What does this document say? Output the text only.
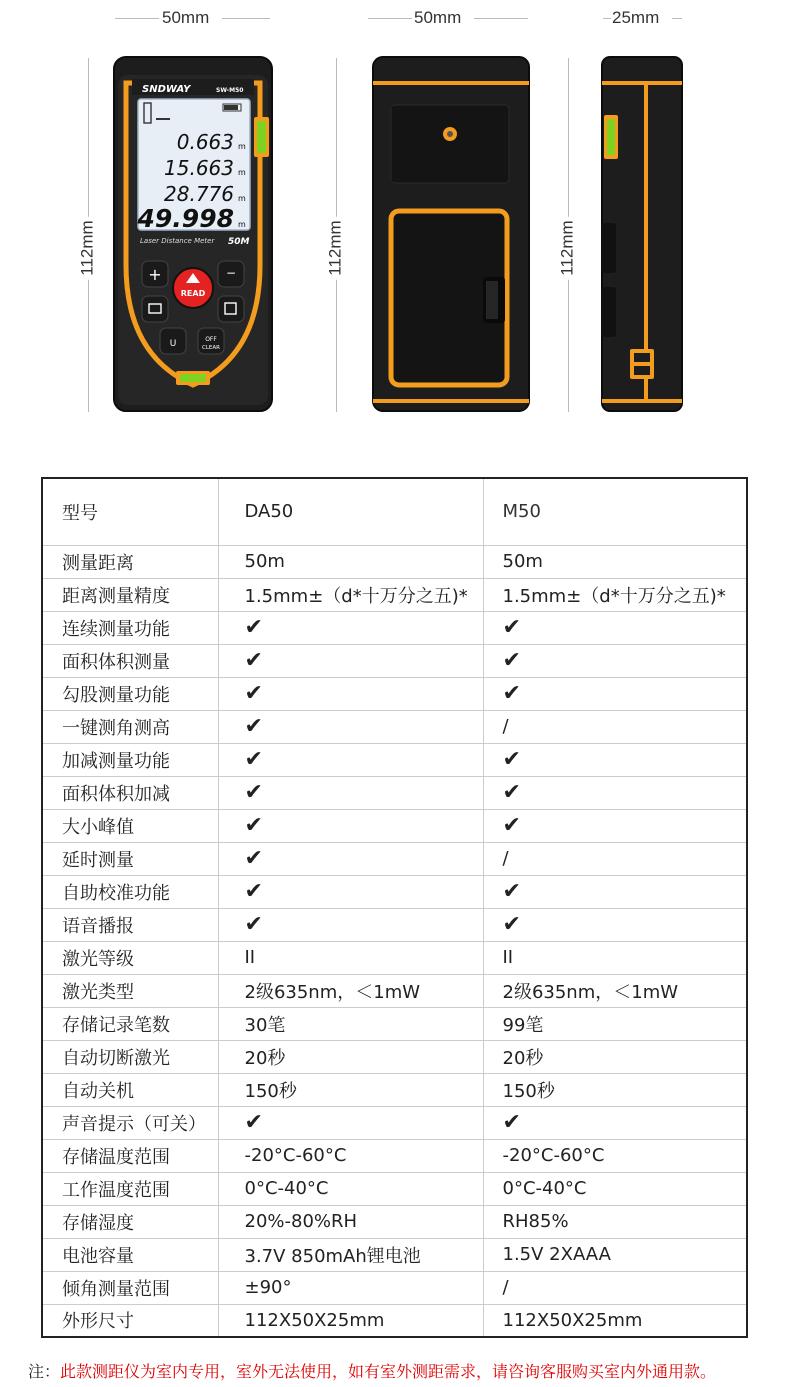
50mm	50mm	25mm
112mm	112mm	112mm
SNDWAY	SW-M50
0.663
15.663
28.776
49.998
m
m
m
m
Laser Distance Meter 50M
+	−
READ
U	OFF
CLEAR
型号	DA50	M50
测量距离	50m	50m
距离测量精度	1.5mm±（d*十万分之五)*	1.5mm±（d*十万分之五)*
连续测量功能	✔	✔
面积体积测量	✔	✔
勾股测量功能	✔	✔
一键测角测高	✔	/
加减测量功能	✔	✔
面积体积加减	✔	✔
大小峰值	✔	✔
延时测量	✔	/
自助校准功能	✔	✔
语音播报	✔	✔
激光等级	II	II
激光类型	2级635nm，＜1mW	2级635nm，＜1mW
存储记录笔数	30笔	99笔
自动切断激光	20秒	20秒
自动关机	150秒	150秒
声音提示（可关）	✔	✔
存储温度范围	-20°C-60°C	-20°C-60°C
工作温度范围	0°C-40°C	0°C-40°C
存储湿度	20%-80%RH	RH85%
电池容量	3.7V 850mAh锂电池	1.5V 2XAAA
倾角测量范围	±90°	/
外形尺寸	112X50X25mm	112X50X25mm
注：此款测距仪为室内专用，室外无法使用，如有室外测距需求，请咨询客服购买室内外通用款。
